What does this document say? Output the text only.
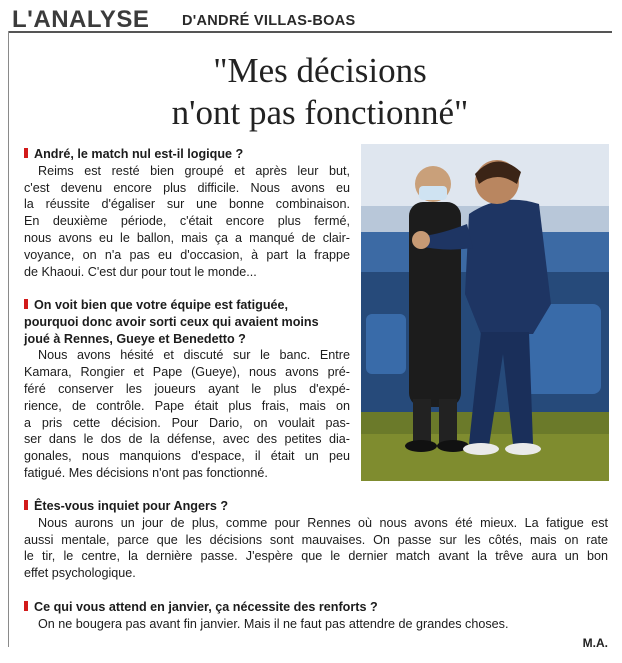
L'ANALYSE D'ANDRÉ VILLAS-BOAS
"Mes décisions
n'ont pas fonctionné"
André, le match nul est-il logique ?
Reims est resté bien groupé et après leur but,
c'est devenu encore plus difficile. Nous avons eu
la réussite d'égaliser sur une bonne combinaison.
En deuxième période, c'était encore plus fermé,
nous avons eu le ballon, mais ça a manqué de clair-
voyance, on n'a pas eu d'occasion, à part la frappe
de Khaoui. C'est dur pour tout le monde...
On voit bien que votre équipe est fatiguée,
pourquoi donc avoir sorti ceux qui avaient moins
joué à Rennes, Gueye et Benedetto ?
Nous avons hésité et discuté sur le banc. Entre
Kamara, Rongier et Pape (Gueye), nous avons pré-
féré conserver les joueurs ayant le plus d'expé-
rience, de contrôle. Pape était plus frais, mais on
a pris cette décision. Pour Dario, on voulait pas-
ser dans le dos de la défense, avec des petites dia-
gonales, nous manquions d'espace, il était un peu
fatigué. Mes décisions n'ont pas fonctionné.
Êtes-vous inquiet pour Angers ?
Nous aurons un jour de plus, comme pour Rennes où nous avons été mieux. La fatigue est
aussi mentale, parce que les décisions sont mauvaises. On passe sur les côtés, mais on rate
le tir, le centre, la dernière passe. J'espère que le dernier match avant la trêve aura un bon
effet psychologique.
Ce qui vous attend en janvier, ça nécessite des renforts ?
On ne bougera pas avant fin janvier. Mais il ne faut pas attendre de grandes choses.
M.A.
